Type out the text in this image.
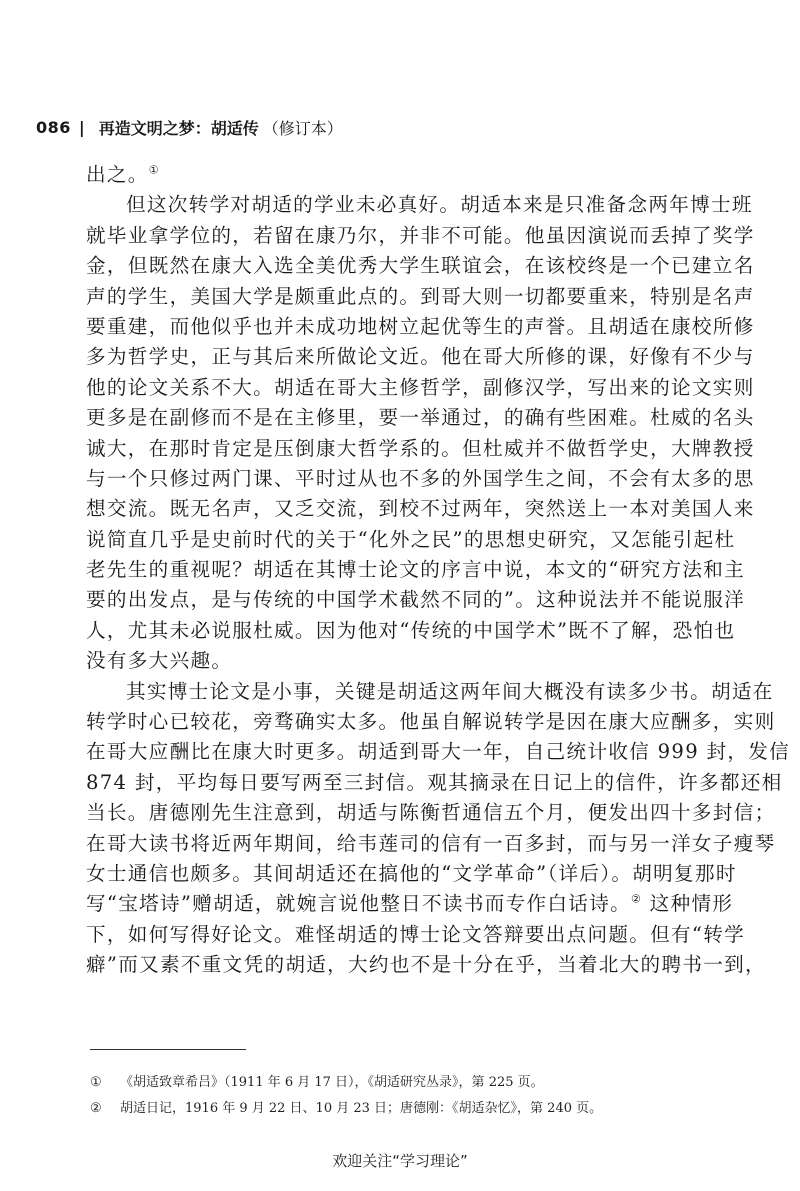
086 | 再造文明之梦：胡适传 （修订本）
出之。①
但这次转学对胡适的学业未必真好。胡适本来是只准备念两年博士班
就毕业拿学位的，若留在康乃尔，并非不可能。他虽因演说而丢掉了奖学
金，但既然在康大入选全美优秀大学生联谊会，在该校终是一个已建立名
声的学生，美国大学是颇重此点的。到哥大则一切都要重来，特别是名声
要重建，而他似乎也并未成功地树立起优等生的声誉。且胡适在康校所修
多为哲学史，正与其后来所做论文近。他在哥大所修的课，好像有不少与
他的论文关系不大。胡适在哥大主修哲学，副修汉学，写出来的论文实则
更多是在副修而不是在主修里，要一举通过，的确有些困难。杜威的名头
诚大，在那时肯定是压倒康大哲学系的。但杜威并不做哲学史，大牌教授
与一个只修过两门课、平时过从也不多的外国学生之间，不会有太多的思
想交流。既无名声，又乏交流，到校不过两年，突然送上一本对美国人来
说简直几乎是史前时代的关于“化外之民”的思想史研究，又怎能引起杜
老先生的重视呢？胡适在其博士论文的序言中说，本文的“研究方法和主
要的出发点，是与传统的中国学术截然不同的”。这种说法并不能说服洋
人，尤其未必说服杜威。因为他对“传统的中国学术”既不了解，恐怕也
没有多大兴趣。
其实博士论文是小事，关键是胡适这两年间大概没有读多少书。胡适在
转学时心已较花，旁骛确实太多。他虽自解说转学是因在康大应酬多，实则
在哥大应酬比在康大时更多。胡适到哥大一年，自己统计收信 999 封，发信
874 封，平均每日要写两至三封信。观其摘录在日记上的信件，许多都还相
当长。唐德刚先生注意到，胡适与陈衡哲通信五个月，便发出四十多封信；
在哥大读书将近两年期间，给韦莲司的信有一百多封，而与另一洋女子瘦琴
女士通信也颇多。其间胡适还在搞他的“文学革命”（详后）。胡明复那时
写“宝塔诗”赠胡适，就婉言说他整日不读书而专作白话诗。② 这种情形
下，如何写得好论文。难怪胡适的博士论文答辩要出点问题。但有“转学
癖”而又素不重文凭的胡适，大约也不是十分在乎，当着北大的聘书一到，
① 《胡适致章希吕》（1911 年 6 月 17 日），《胡适研究丛录》，第 225 页。
② 胡适日记，1916 年 9 月 22 日、10 月 23 日；唐德刚：《胡适杂忆》，第 240 页。
欢迎关注“学习理论”
